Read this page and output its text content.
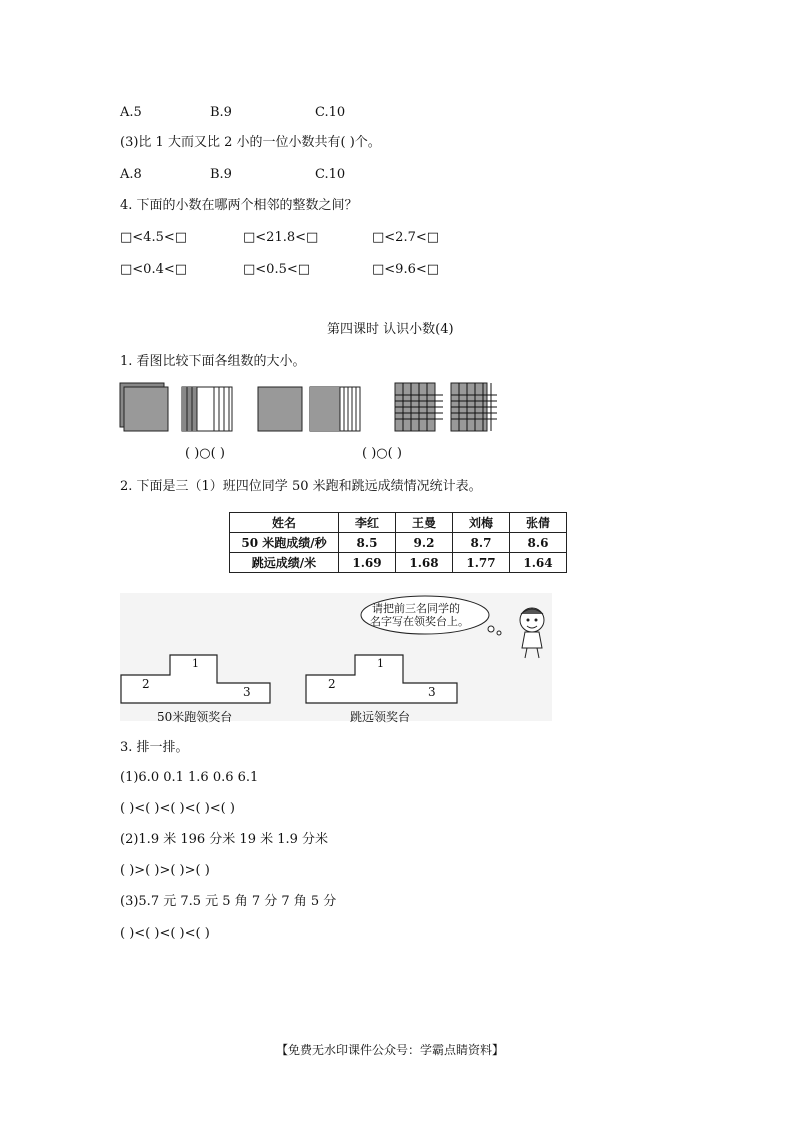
A.5	B.9	C.10
(3)比 1 大而又比 2 小的一位小数共有( )个。
A.8	B.9	C.10
4. 下面的小数在哪两个相邻的整数之间？
□<4.5<□	□<21.8<□	□<2.7<□
□<0.4<□	□<0.5<□	□<9.6<□
第四课时 认识小数(4)
1. 看图比较下面各组数的大小。
( )○( )	( )○( )
2. 下面是三（1）班四位同学 50 米跑和跳远成绩情况统计表。
姓名	李红	王曼	刘梅	张倩
50 米跑成绩/秒	8.5	9.2	8.7	8.6
跳远成绩/米	1.69	1.68	1.77	1.64
请把前三名同学的
名字写在领奖台上。
1
2
3
50米跑领奖台
1
2
3
跳远领奖台
3. 排一排。
(1)6.0 0.1 1.6 0.6 6.1
( )<( )<( )<( )<( )
(2)1.9 米 196 分米 19 米 1.9 分米
( )>( )>( )>( )
(3)5.7 元 7.5 元 5 角 7 分 7 角 5 分
( )<( )<( )<( )
【免费无水印课件公众号：学霸点睛资料】
